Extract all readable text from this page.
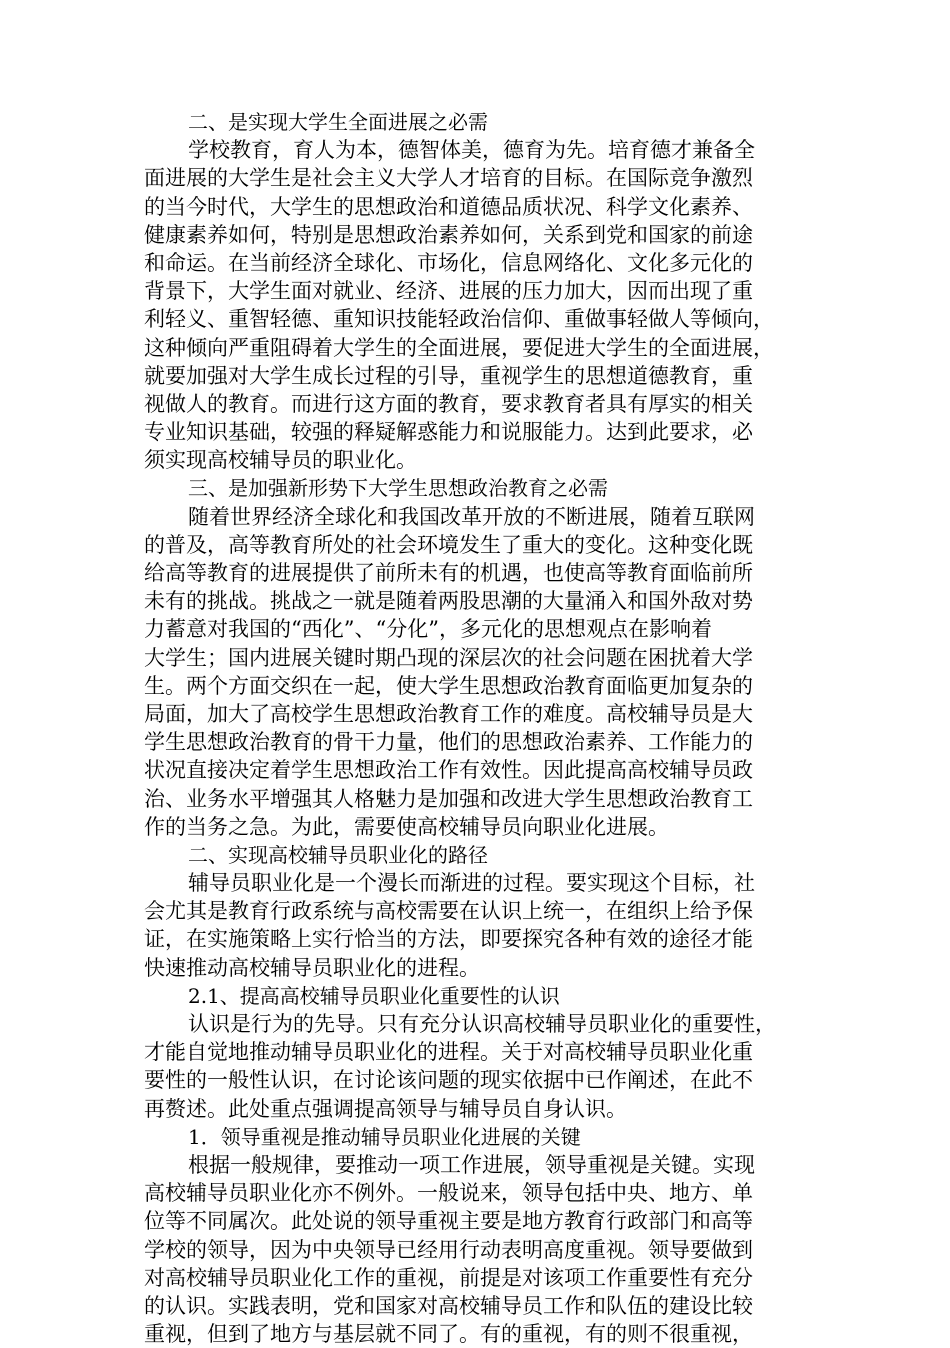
二、是实现大学生全面进展之必需
学校教育，育人为本，德智体美，德育为先。培育德才兼备全
面进展的大学生是社会主义大学人才培育的目标。在国际竞争激烈
的当今时代，大学生的思想政治和道德品质状况、科学文化素养、
健康素养如何，特别是思想政治素养如何，关系到党和国家的前途
和命运。在当前经济全球化、市场化，信息网络化、文化多元化的
背景下，大学生面对就业、经济、进展的压力加大，因而出现了重
利轻义、重智轻德、重知识技能轻政治信仰、重做事轻做人等倾向，
这种倾向严重阻碍着大学生的全面进展，要促进大学生的全面进展，
就要加强对大学生成长过程的引导，重视学生的思想道德教育，重
视做人的教育。而进行这方面的教育，要求教育者具有厚实的相关
专业知识基础，较强的释疑解惑能力和说服能力。达到此要求，必
须实现高校辅导员的职业化。
三、是加强新形势下大学生思想政治教育之必需
随着世界经济全球化和我国改革开放的不断进展，随着互联网
的普及，高等教育所处的社会环境发生了重大的变化。这种变化既
给高等教育的进展提供了前所未有的机遇，也使高等教育面临前所
未有的挑战。挑战之一就是随着两股思潮的大量涌入和国外敌对势
力蓄意对我国的“西化”、“分化”，多元化的思想观点在影响着
大学生；国内进展关键时期凸现的深层次的社会问题在困扰着大学
生。两个方面交织在一起，使大学生思想政治教育面临更加复杂的
局面，加大了高校学生思想政治教育工作的难度。高校辅导员是大
学生思想政治教育的骨干力量，他们的思想政治素养、工作能力的
状况直接决定着学生思想政治工作有效性。因此提高高校辅导员政
治、业务水平增强其人格魅力是加强和改进大学生思想政治教育工
作的当务之急。为此，需要使高校辅导员向职业化进展。
二、实现高校辅导员职业化的路径
辅导员职业化是一个漫长而渐进的过程。要实现这个目标，社
会尤其是教育行政系统与高校需要在认识上统一，在组织上给予保
证，在实施策略上实行恰当的方法，即要探究各种有效的途径才能
快速推动高校辅导员职业化的进程。
2.1、提高高校辅导员职业化重要性的认识
认识是行为的先导。只有充分认识高校辅导员职业化的重要性，
才能自觉地推动辅导员职业化的进程。关于对高校辅导员职业化重
要性的一般性认识，在讨论该问题的现实依据中已作阐述，在此不
再赘述。此处重点强调提高领导与辅导员自身认识。
1．领导重视是推动辅导员职业化进展的关键
根据一般规律，要推动一项工作进展，领导重视是关键。实现
高校辅导员职业化亦不例外。一般说来，领导包括中央、地方、单
位等不同属次。此处说的领导重视主要是地方教育行政部门和高等
学校的领导，因为中央领导已经用行动表明高度重视。领导要做到
对高校辅导员职业化工作的重视，前提是对该项工作重要性有充分
的认识。实践表明，党和国家对高校辅导员工作和队伍的建设比较
重视，但到了地方与基层就不同了。有的重视，有的则不很重视，
